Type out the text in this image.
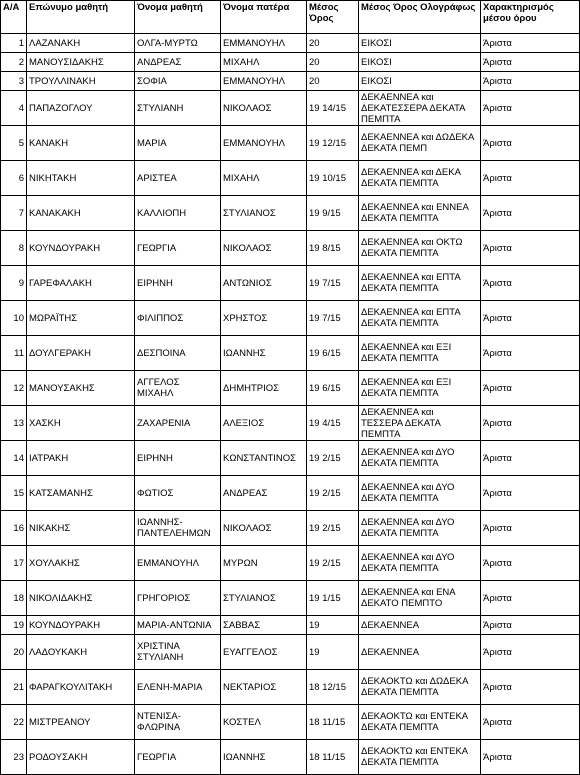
Α/Α	Επώνυμο μαθητή	Όνομα μαθητή	Όνομα πατέρα	Μέσος Όρος	Μέσος Όρος Ολογράφως	Χαρακτηρισμός μέσου όρου
1	ΛΑΖΑΝΑΚΗ	ΟΛΓΑ-ΜΥΡΤΩ	ΕΜΜΑΝΟΥΗΛ	20	ΕΙΚΟΣΙ	Άριστα
2	ΜΑΝΟΥΣΙΔΑΚΗΣ	ΑΝΔΡΕΑΣ	ΜΙΧΑΗΛ	20	ΕΙΚΟΣΙ	Άριστα
3	ΤΡΟΥΛΛΙΝΑΚΗ	ΣΟΦΙΑ	ΕΜΜΑΝΟΥΗΛ	20	ΕΙΚΟΣΙ	Άριστα
4	ΠΑΠΑΖΟΓΛΟΥ	ΣΤΥΛΙΑΝΗ	ΝΙΚΟΛΑΟΣ	19 14/15	ΔΕΚΑΕΝΝΕΑ και ΔΕΚΑΤΕΣΣΕΡΑ ΔΕΚΑΤΑ ΠΕΜΠΤΑ	Άριστα
5	ΚΑΝΑΚΗ	ΜΑΡΙΑ	ΕΜΜΑΝΟΥΗΛ	19 12/15	ΔΕΚΑΕΝΝΕΑ και ΔΩΔΕΚΑ ΔΕΚΑΤΑ ΠΕΜΠ	Άριστα
6	ΝΙΚΗΤΑΚΗ	ΑΡΙΣΤΕΑ	ΜΙΧΑΗΛ	19 10/15	ΔΕΚΑΕΝΝΕΑ και ΔΕΚΑ ΔΕΚΑΤΑ ΠΕΜΠΤΑ	Άριστα
7	ΚΑΝΑΚΑΚΗ	ΚΑΛΛΙΟΠΗ	ΣΤΥΛΙΑΝΟΣ	19 9/15	ΔΕΚΑΕΝΝΕΑ και ΕΝΝΕΑ ΔΕΚΑΤΑ ΠΕΜΠΤΑ	Άριστα
8	ΚΟΥΝΔΟΥΡΑΚΗ	ΓΕΩΡΓΙΑ	ΝΙΚΟΛΑΟΣ	19 8/15	ΔΕΚΑΕΝΝΕΑ και ΟΚΤΩ ΔΕΚΑΤΑ ΠΕΜΠΤΑ	Άριστα
9	ΓΑΡΕΦΑΛΑΚΗ	ΕΙΡΗΝΗ	ΑΝΤΩΝΙΟΣ	19 7/15	ΔΕΚΑΕΝΝΕΑ και ΕΠΤΑ ΔΕΚΑΤΑ ΠΕΜΠΤΑ	Άριστα
10	ΜΩΡΑΪΤΗΣ	ΦΙΛΙΠΠΟΣ	ΧΡΗΣΤΟΣ	19 7/15	ΔΕΚΑΕΝΝΕΑ και ΕΠΤΑ ΔΕΚΑΤΑ ΠΕΜΠΤΑ	Άριστα
11	ΔΟΥΛΓΕΡΑΚΗ	ΔΕΣΠΟΙΝΑ	ΙΩΑΝΝΗΣ	19 6/15	ΔΕΚΑΕΝΝΕΑ και ΕΞΙ ΔΕΚΑΤΑ ΠΕΜΠΤΑ	Άριστα
12	ΜΑΝΟΥΣΑΚΗΣ	ΑΓΓΕΛΟΣ ΜΙΧΑΗΛ	ΔΗΜΗΤΡΙΟΣ	19 6/15	ΔΕΚΑΕΝΝΕΑ και ΕΞΙ ΔΕΚΑΤΑ ΠΕΜΠΤΑ	Άριστα
13	ΧΑΣΚΗ	ΖΑΧΑΡΕΝΙΑ	ΑΛΕΞΙΟΣ	19 4/15	ΔΕΚΑΕΝΝΕΑ και ΤΕΣΣΕΡΑ ΔΕΚΑΤΑ ΠΕΜΠΤΑ	Άριστα
14	ΙΑΤΡΑΚΗ	ΕΙΡΗΝΗ	ΚΩΝΣΤΑΝΤΙΝΟΣ	19 2/15	ΔΕΚΑΕΝΝΕΑ και ΔΥΟ ΔΕΚΑΤΑ ΠΕΜΠΤΑ	Άριστα
15	ΚΑΤΣΑΜΑΝΗΣ	ΦΩΤΙΟΣ	ΑΝΔΡΕΑΣ	19 2/15	ΔΕΚΑΕΝΝΕΑ και ΔΥΟ ΔΕΚΑΤΑ ΠΕΜΠΤΑ	Άριστα
16	ΝΙΚΑΚΗΣ	ΙΩΑΝΝΗΣ-ΠΑΝΤΕΛΕΗΜΩΝ	ΝΙΚΟΛΑΟΣ	19 2/15	ΔΕΚΑΕΝΝΕΑ και ΔΥΟ ΔΕΚΑΤΑ ΠΕΜΠΤΑ	Άριστα
17	ΧΟΥΛΑΚΗΣ	ΕΜΜΑΝΟΥΗΛ	ΜΥΡΩΝ	19 2/15	ΔΕΚΑΕΝΝΕΑ και ΔΥΟ ΔΕΚΑΤΑ ΠΕΜΠΤΑ	Άριστα
18	ΝΙΚΟΛΙΔΑΚΗΣ	ΓΡΗΓΟΡΙΟΣ	ΣΤΥΛΙΑΝΟΣ	19 1/15	ΔΕΚΑΕΝΝΕΑ και ΕΝΑ ΔΕΚΑΤΟ ΠΕΜΠΤΟ	Άριστα
19	ΚΟΥΝΔΟΥΡΑΚΗ	ΜΑΡΙΑ-ΑΝΤΩΝΙΑ	ΣΑΒΒΑΣ	19	ΔΕΚΑΕΝΝΕΑ	Άριστα
20	ΛΑΔΟΥΚΑΚΗ	ΧΡΙΣΤΙΝΑ ΣΤΥΛΙΑΝΗ	ΕΥΑΓΓΕΛΟΣ	19	ΔΕΚΑΕΝΝΕΑ	Άριστα
21	ΦΑΡΑΓΚΟΥΛΙΤΑΚΗ	ΕΛΕΝΗ-ΜΑΡΙΑ	ΝΕΚΤΑΡΙΟΣ	18 12/15	ΔΕΚΑΟΚΤΩ και ΔΩΔΕΚΑ ΔΕΚΑΤΑ ΠΕΜΠΤΑ	Άριστα
22	ΜΙΣΤΡΕΑΝΟΥ	ΝΤΕΝΙΣΑ-ΦΛΩΡΙΝΑ	ΚΟΣΤΕΛ	18 11/15	ΔΕΚΑΟΚΤΩ και ΕΝΤΕΚΑ ΔΕΚΑΤΑ ΠΕΜΠΤΑ	Άριστα
23	ΡΟΔΟΥΣΑΚΗ	ΓΕΩΡΓΙΑ	ΙΩΑΝΝΗΣ	18 11/15	ΔΕΚΑΟΚΤΩ και ΕΝΤΕΚΑ ΔΕΚΑΤΑ ΠΕΜΠΤΑ	Άριστα
